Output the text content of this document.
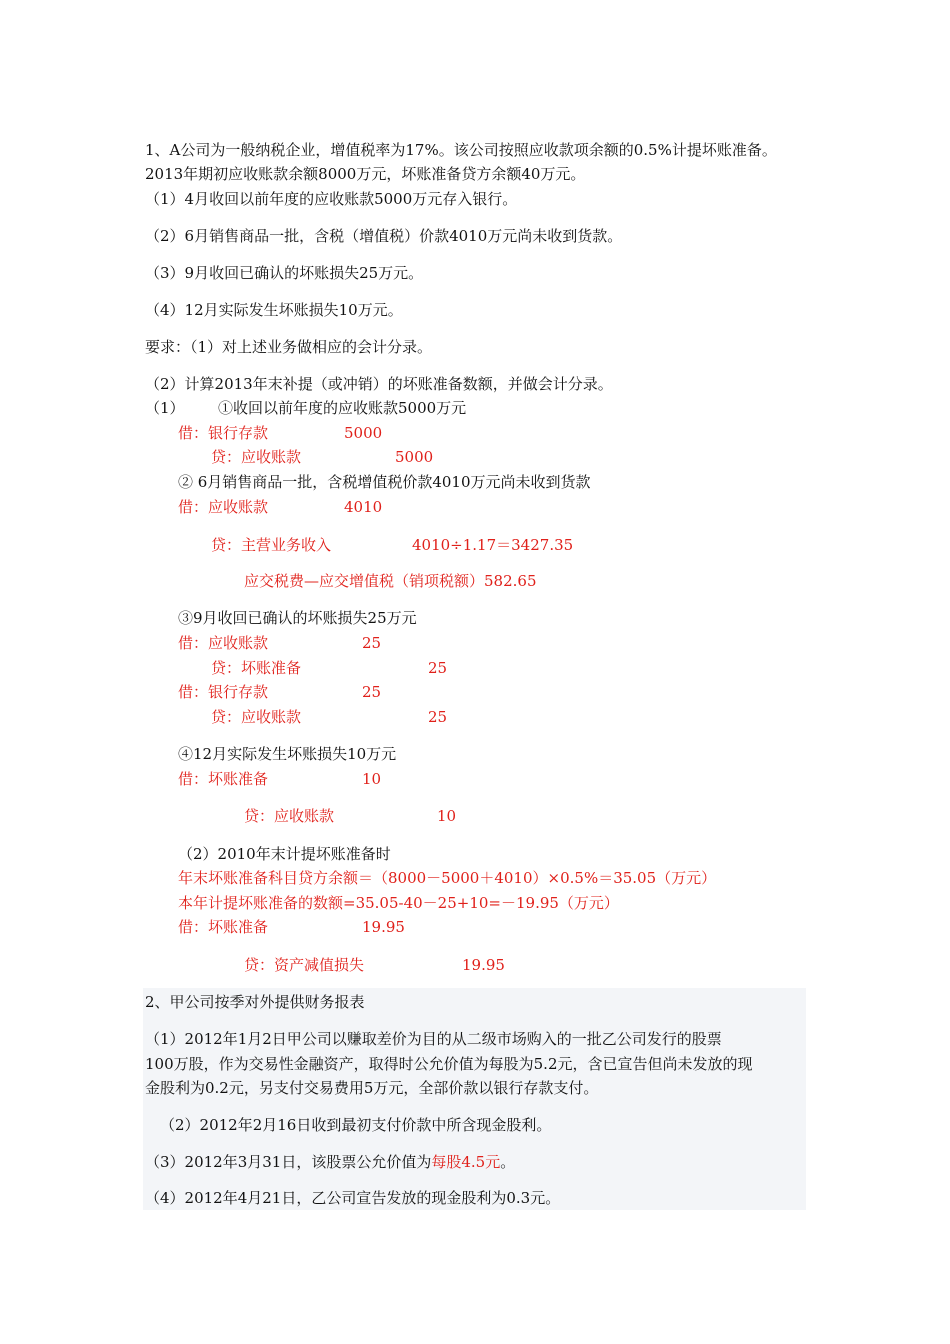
1、A公司为一般纳税企业，增值税率为17%。该公司按照应收款项余额的0.5%计提坏账准备。
2013年期初应收账款余额8000万元，坏账准备贷方余额40万元。
（1）4月收回以前年度的应收账款5000万元存入银行。
（2）6月销售商品一批，含税（增值税）价款4010万元尚未收到货款。
（3）9月收回已确认的坏账损失25万元。
（4）12月实际发生坏账损失10万元。
要求：（1）对上述业务做相应的会计分录。
（2）计算2013年末补提（或冲销）的坏账准备数额，并做会计分录。
（1） ①收回以前年度的应收账款5000万元
借：银行存款	5000
贷：应收账款	5000
② 6月销售商品一批，含税增值税价款4010万元尚未收到货款
借：应收账款	4010
贷：主营业务收入	4010÷1.17＝3427.35
应交税费—应交增值税（销项税额）582.65
③9月收回已确认的坏账损失25万元
借：应收账款	25
贷：坏账准备	25
借：银行存款	25
贷：应收账款	25
④12月实际发生坏账损失10万元
借：坏账准备	10
贷：应收账款	10
（2）2010年末计提坏账准备时
年末坏账准备科目贷方余额＝（8000－5000＋4010）×0.5%＝35.05（万元）
本年计提坏账准备的数额=35.05-40－25+10=－19.95（万元）
借：坏账准备	19.95
贷：资产减值损失	19.95
2、甲公司按季对外提供财务报表
（1）2012年1月2日甲公司以赚取差价为目的从二级市场购入的一批乙公司发行的股票
100万股，作为交易性金融资产，取得时公允价值为每股为5.2元，含已宣告但尚未发放的现
金股利为0.2元，另支付交易费用5万元，全部价款以银行存款支付。
（2）2012年2月16日收到最初支付价款中所含现金股利。
（3）2012年3月31日，该股票公允价值为每股4.5元。
（4）2012年4月21日，乙公司宣告发放的现金股利为0.3元。
